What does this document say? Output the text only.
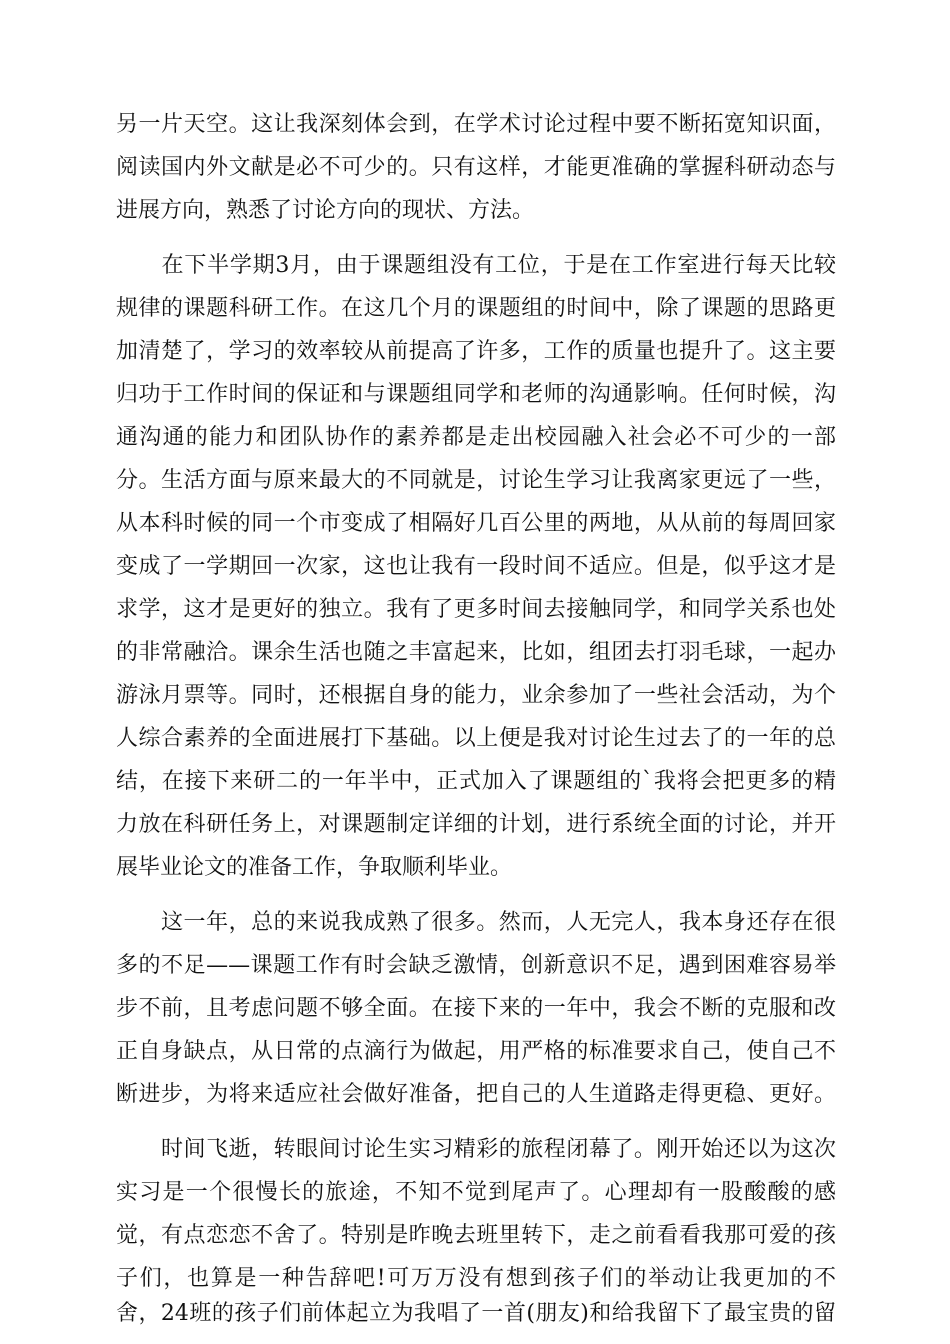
另一片天空。这让我深刻体会到，在学术讨论过程中要不断拓宽知识面，
阅读国内外文献是必不可少的。只有这样，才能更准确的掌握科研动态与
进展方向，熟悉了讨论方向的现状、方法。
　　在下半学期3月，由于课题组没有工位，于是在工作室进行每天比较
规律的课题科研工作。在这几个月的课题组的时间中，除了课题的思路更
加清楚了，学习的效率较从前提高了许多，工作的质量也提升了。这主要
归功于工作时间的保证和与课题组同学和老师的沟通影响。任何时候，沟
通沟通的能力和团队协作的素养都是走出校园融入社会必不可少的一部
分。生活方面与原来最大的不同就是，讨论生学习让我离家更远了一些，
从本科时候的同一个市变成了相隔好几百公里的两地，从从前的每周回家
变成了一学期回一次家，这也让我有一段时间不适应。但是，似乎这才是
求学，这才是更好的独立。我有了更多时间去接触同学，和同学关系也处
的非常融洽。课余生活也随之丰富起来，比如，组团去打羽毛球，一起办
游泳月票等。同时，还根据自身的能力，业余参加了一些社会活动，为个
人综合素养的全面进展打下基础。以上便是我对讨论生过去了的一年的总
结，在接下来研二的一年半中，正式加入了课题组的`我将会把更多的精
力放在科研任务上，对课题制定详细的计划，进行系统全面的讨论，并开
展毕业论文的准备工作，争取顺利毕业。
　　这一年，总的来说我成熟了很多。然而，人无完人，我本身还存在很
多的不足——课题工作有时会缺乏激情，创新意识不足，遇到困难容易举
步不前，且考虑问题不够全面。在接下来的一年中，我会不断的克服和改
正自身缺点，从日常的点滴行为做起，用严格的标准要求自己，使自己不
断进步，为将来适应社会做好准备，把自己的人生道路走得更稳、更好。
　　时间飞逝，转眼间讨论生实习精彩的旅程闭幕了。刚开始还以为这次
实习是一个很慢长的旅途，不知不觉到尾声了。心理却有一股酸酸的感
觉，有点恋恋不舍了。特别是昨晚去班里转下，走之前看看我那可爱的孩
子们，也算是一种告辞吧!可万万没有想到孩子们的举动让我更加的不
舍，24班的孩子们前体起立为我唱了一首(朋友)和给我留下了最宝贵的留
